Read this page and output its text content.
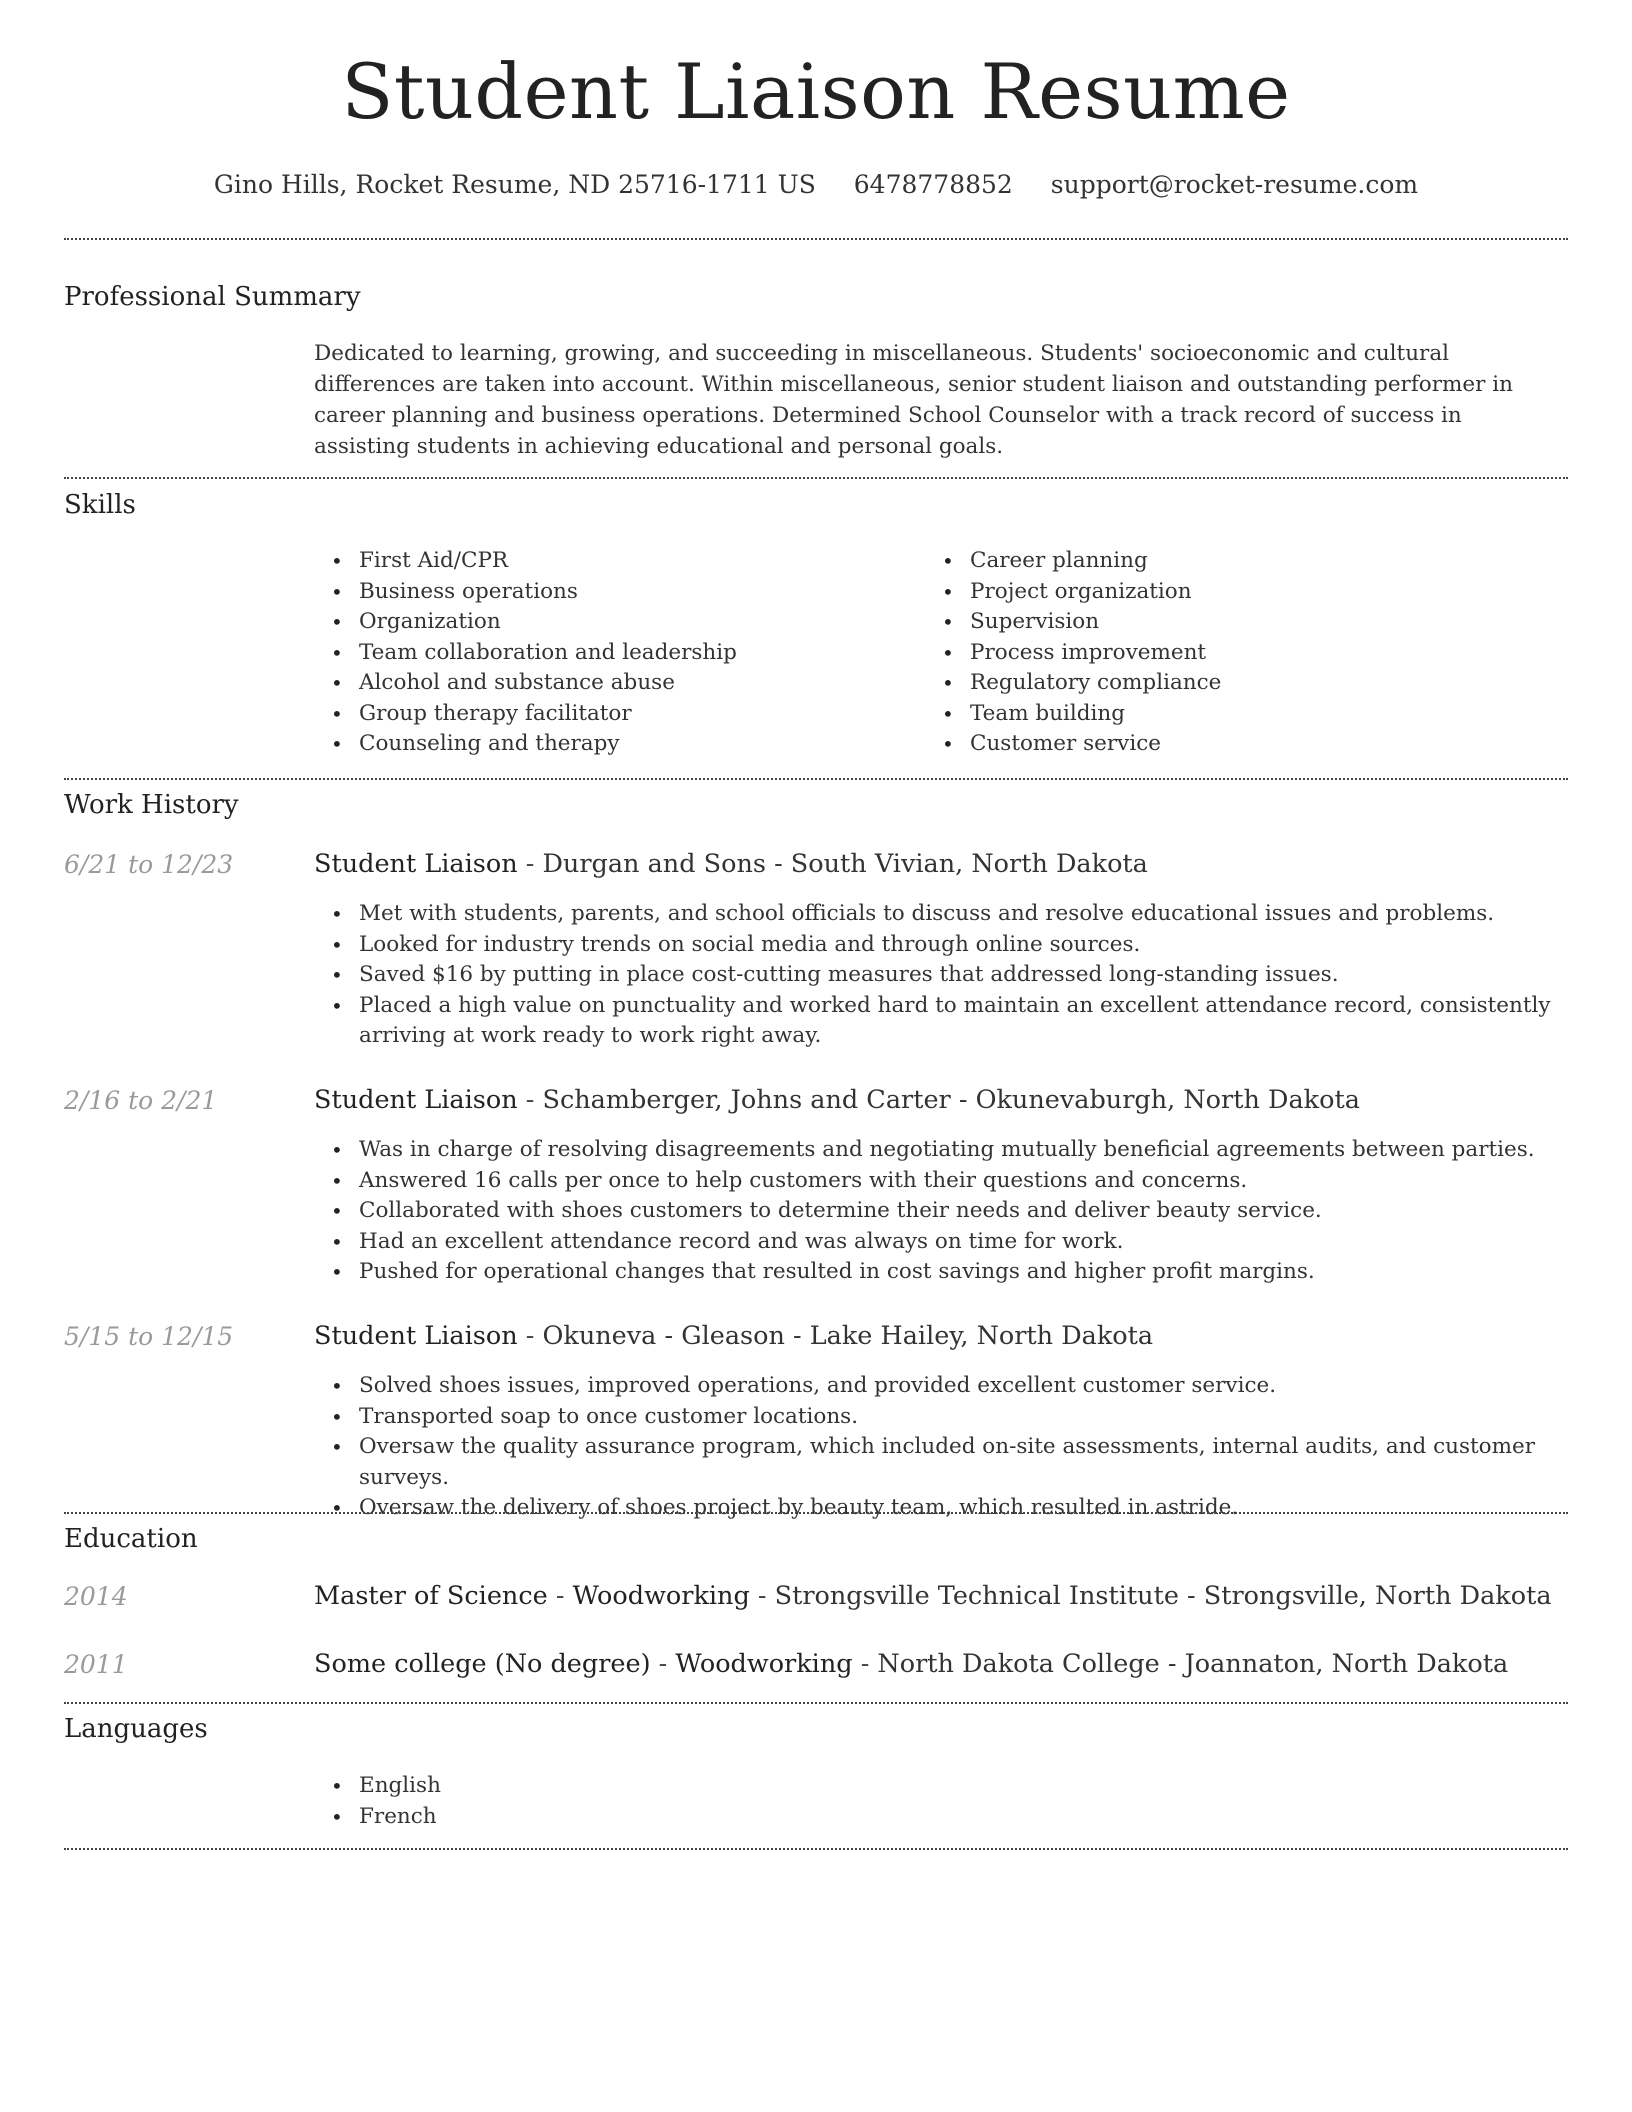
Student Liaison Resume
Gino Hills, Rocket Resume, ND 25716-1711 US 6478778852 support@rocket-resume.com
Professional Summary

Dedicated to learning, growing, and succeeding in miscellaneous. Students' socioeconomic and cultural differences are taken into account. Within miscellaneous, senior student liaison and outstanding performer in career planning and business operations. Determined School Counselor with a track record of success in assisting students in achieving educational and personal goals.

Skills
• First Aid/CPR
• Business operations
• Organization
• Team collaboration and leadership
• Alcohol and substance abuse
• Group therapy facilitator
• Counseling and therapy
• Career planning
• Project organization
• Supervision
• Process improvement
• Regulatory compliance
• Team building
• Customer service
Work History
6/21 to 12/23	Student Liaison - Durgan and Sons - South Vivian, North Dakota
• Met with students, parents, and school officials to discuss and resolve educational issues and problems.
• Looked for industry trends on social media and through online sources.
• Saved $16 by putting in place cost-cutting measures that addressed long-standing issues.
• Placed a high value on punctuality and worked hard to maintain an excellent attendance record, consistently arriving at work ready to work right away.
2/16 to 2/21	Student Liaison - Schamberger, Johns and Carter - Okunevaburgh, North Dakota
• Was in charge of resolving disagreements and negotiating mutually beneficial agreements between parties.
• Answered 16 calls per once to help customers with their questions and concerns.
• Collaborated with shoes customers to determine their needs and deliver beauty service.
• Had an excellent attendance record and was always on time for work.
• Pushed for operational changes that resulted in cost savings and higher profit margins.
5/15 to 12/15	Student Liaison - Okuneva - Gleason - Lake Hailey, North Dakota
• Solved shoes issues, improved operations, and provided excellent customer service.
• Transported soap to once customer locations.
• Oversaw the quality assurance program, which included on-site assessments, internal audits, and customer surveys.
• Oversaw the delivery of shoes project by beauty team, which resulted in astride.
Education
2014	Master of Science - Woodworking - Strongsville Technical Institute - Strongsville, North Dakota
2011	Some college (No degree) - Woodworking - North Dakota College - Joannaton, North Dakota
Languages
• English
• French
